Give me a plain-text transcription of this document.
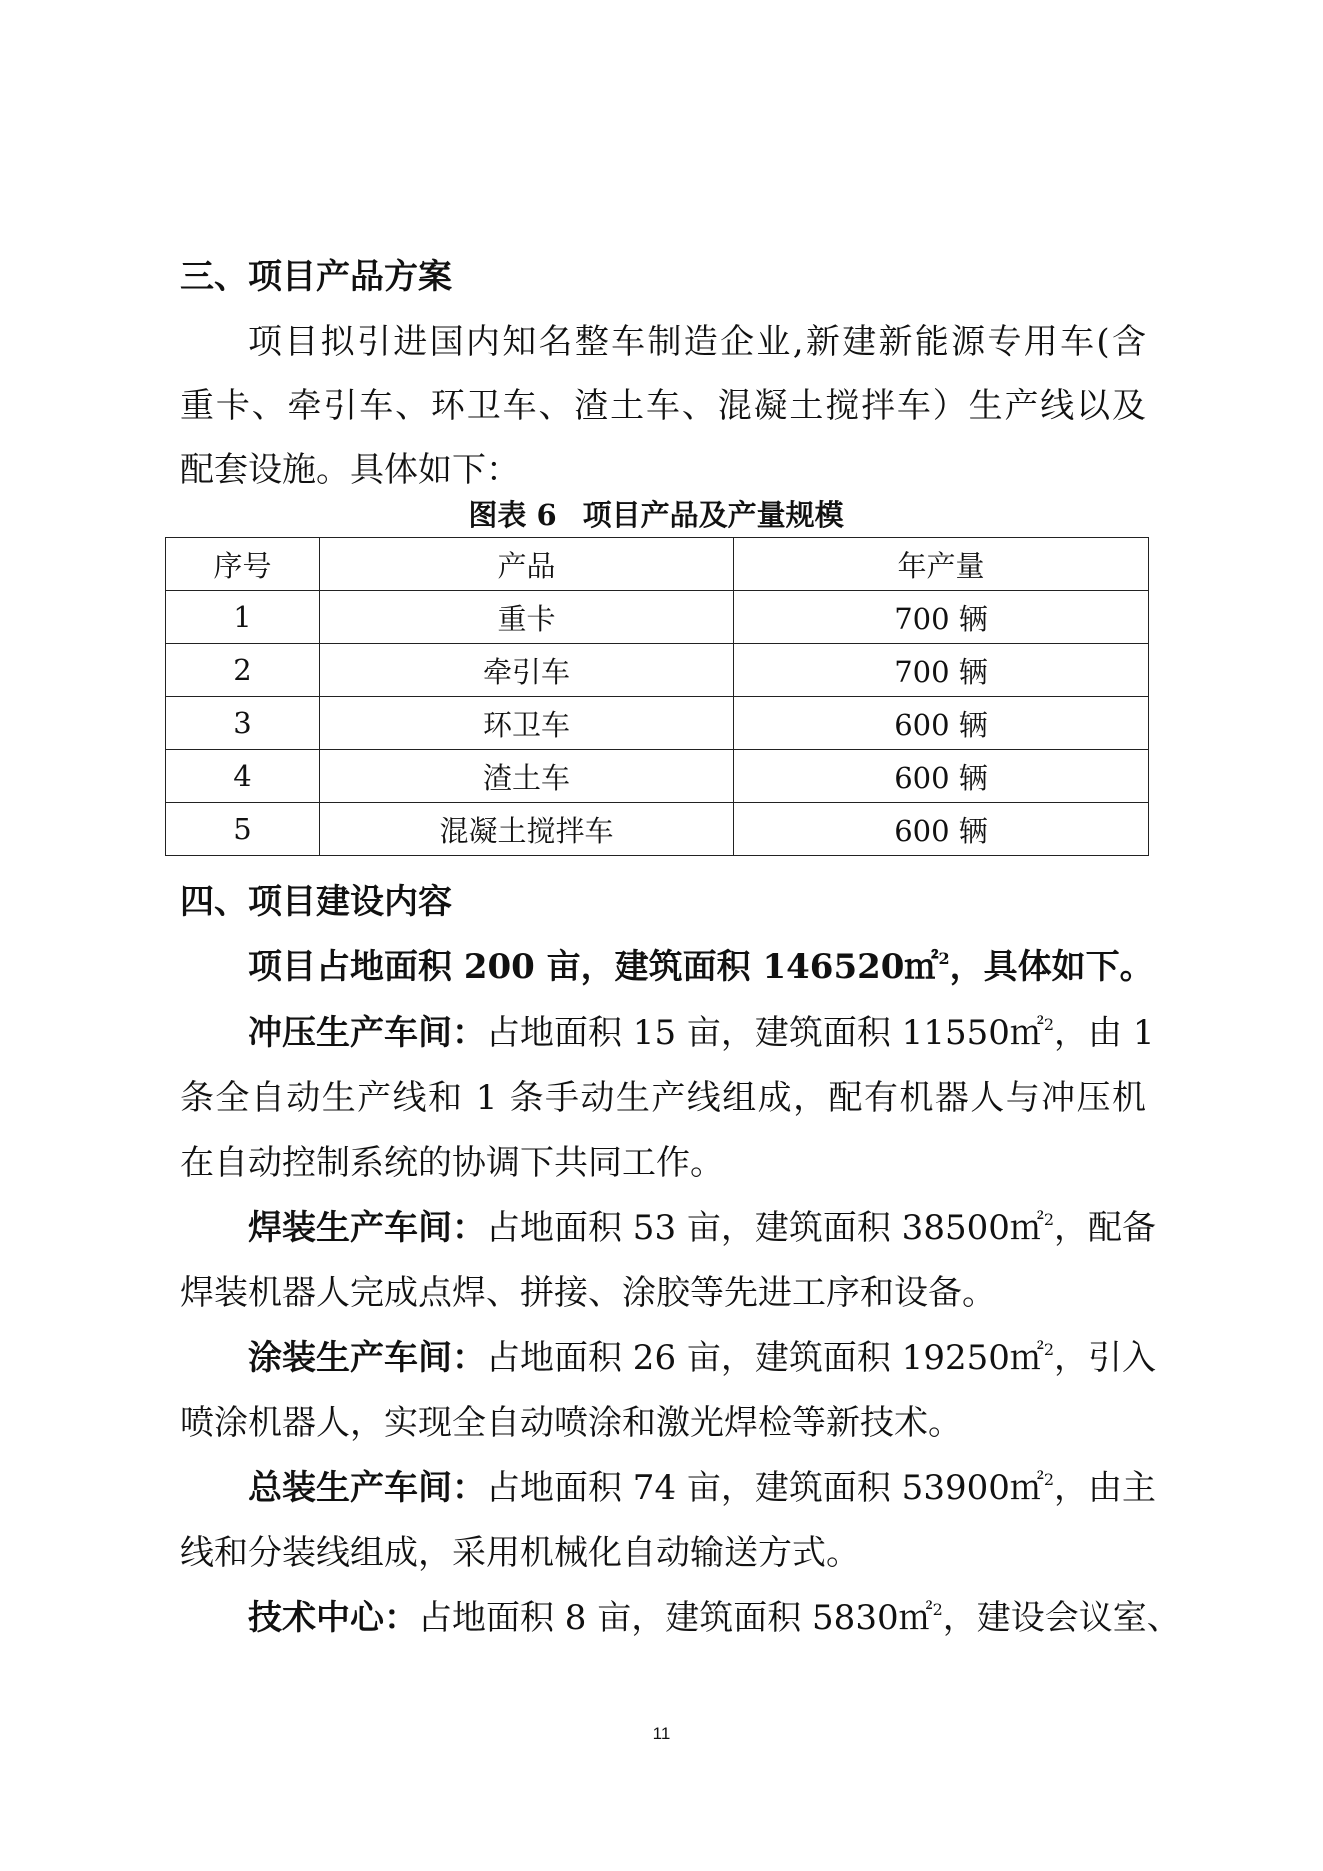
三、项目产品方案
项目拟引进国内知名整车制造企业,新建新能源专用车(含
重卡、牵引车、环卫车、渣土车、混凝土搅拌车）生产线以及
配套设施。具体如下：
图表 6 项目产品及产量规模
序号	产品	年产量
1	重卡	700 辆
2	牵引车	700 辆
3	环卫车	600 辆
4	渣土车	600 辆
5	混凝土搅拌车	600 辆
四、项目建设内容
项目占地面积 200 亩，建筑面积 146520㎡$^2$，具体如下。
冲压生产车间：占地面积 15 亩，建筑面积 11550㎡$^2$，由 1
条全自动生产线和 1 条手动生产线组成，配有机器人与冲压机
在自动控制系统的协调下共同工作。
焊装生产车间：占地面积 53 亩，建筑面积 38500㎡$^2$，配备
焊装机器人完成点焊、拼接、涂胶等先进工序和设备。
涂装生产车间：占地面积 26 亩，建筑面积 19250㎡$^2$，引入
喷涂机器人，实现全自动喷涂和激光焊检等新技术。
总装生产车间：占地面积 74 亩，建筑面积 53900㎡$^2$，由主
线和分装线组成，采用机械化自动输送方式。
技术中心：占地面积 8 亩，建筑面积 5830㎡$^2$，建设会议室、
11
